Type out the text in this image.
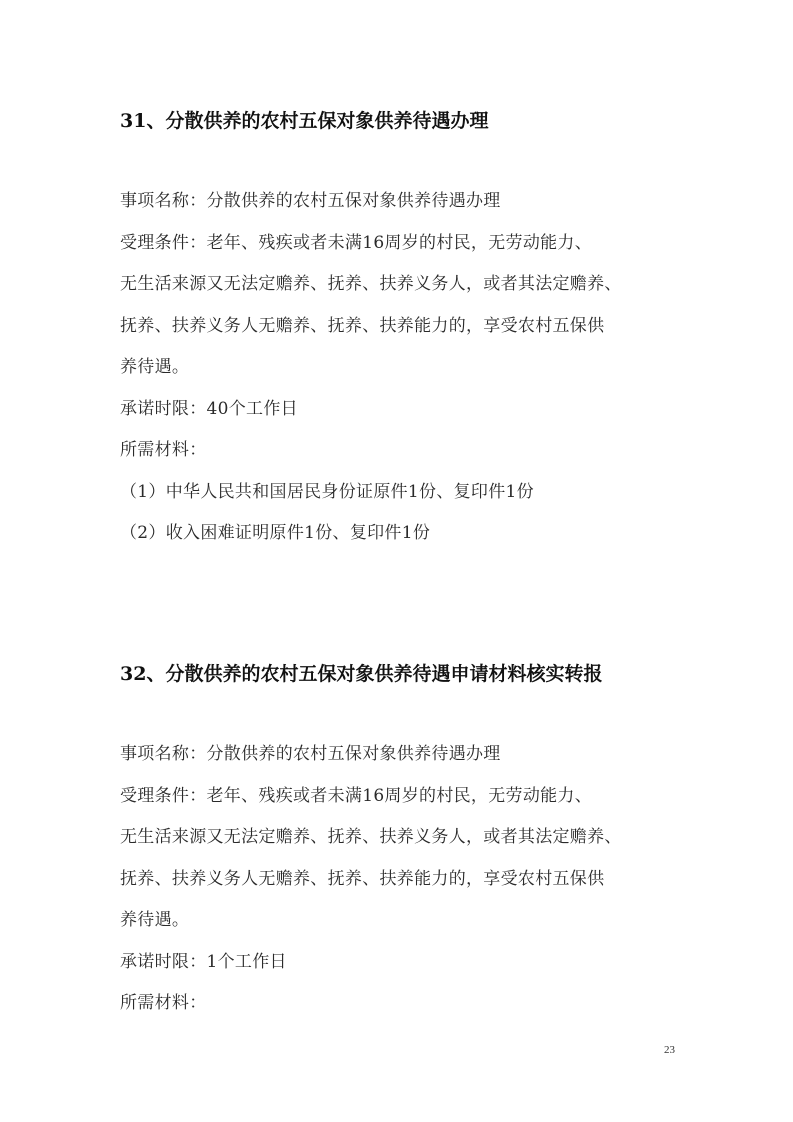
31、分散供养的农村五保对象供养待遇办理
事项名称：分散供养的农村五保对象供养待遇办理
受理条件：老年、残疾或者未满16周岁的村民，无劳动能力、
无生活来源又无法定赡养、抚养、扶养义务人，或者其法定赡养、
抚养、扶养义务人无赡养、抚养、扶养能力的，享受农村五保供
养待遇。
承诺时限：40个工作日
所需材料：
（1）中华人民共和国居民身份证原件1份、复印件1份
（2）收入困难证明原件1份、复印件1份
32、分散供养的农村五保对象供养待遇申请材料核实转报
事项名称：分散供养的农村五保对象供养待遇办理
受理条件：老年、残疾或者未满16周岁的村民，无劳动能力、
无生活来源又无法定赡养、抚养、扶养义务人，或者其法定赡养、
抚养、扶养义务人无赡养、抚养、扶养能力的，享受农村五保供
养待遇。
承诺时限：1个工作日
所需材料：
23
